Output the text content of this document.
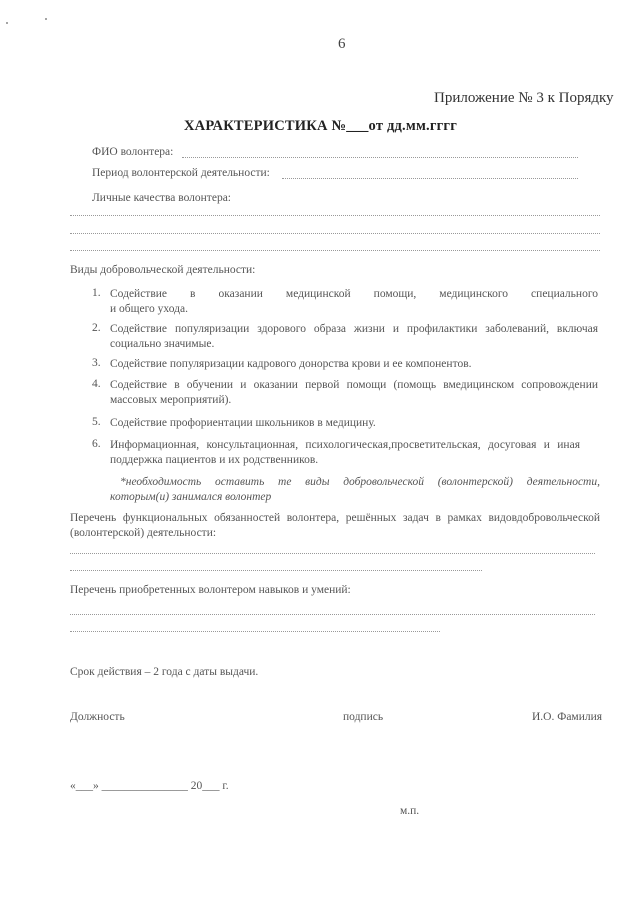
6
Приложение № 3 к Порядку
ХАРАКТЕРИСТИКА №___от дд.мм.гггг
ФИО волонтера:
Период волонтерской деятельности:
Личные качества волонтера:
Виды добровольческой деятельности:
1. Содействие в оказании медицинской помощи, медицинского специального
и общего ухода.
2. Содействие популяризации здорового образа жизни и профилактики заболеваний, включая
социально значимые.
3. Содействие популяризации кадрового донорства крови и ее компонентов.
4. Содействие в обучении и оказании первой помощи (помощь вмедицинском сопровождении
массовых мероприятий).
5. Содействие профориентации школьников в медицину.
6. Информационная, консультационная, психологическая,просветительская, досуговая и иная
поддержка пациентов и их родственников.
*необходимость оставить те виды добровольческой (волонтерской) деятельности,
которым(и) занимался волонтер
Перечень функциональных обязанностей волонтера, решённых задач в рамках видовдобровольческой
(волонтерской) деятельности:
Перечень приобретенных волонтером навыков и умений:
Срок действия – 2 года с даты выдачи.
Должность	подпись	И.О. Фамилия
«___» _______________ 20___ г.
м.п.
